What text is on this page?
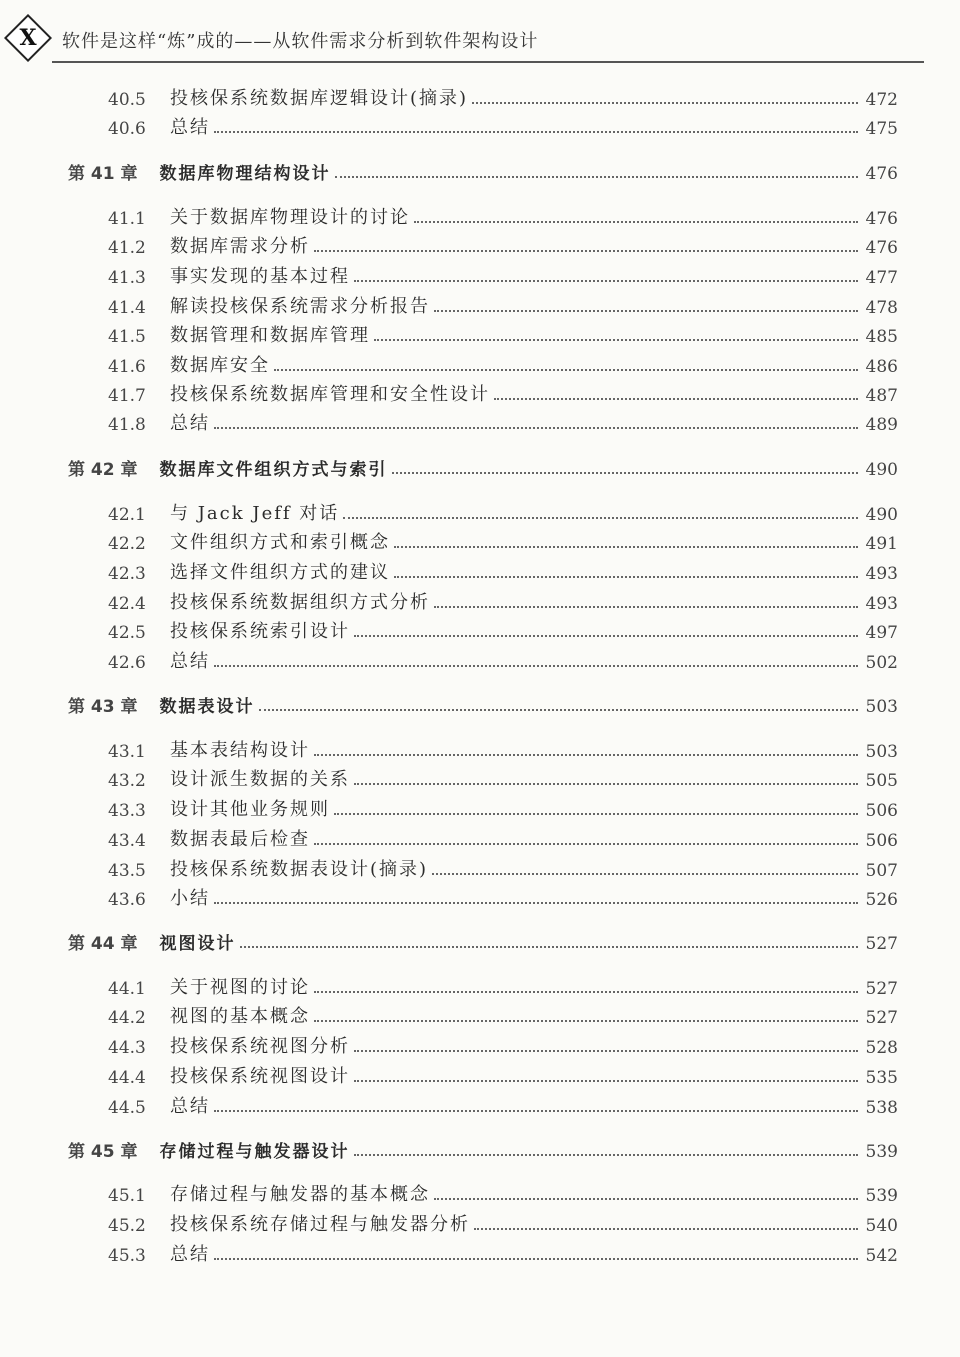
X 软件是这样“炼”成的——从软件需求分析到软件架构设计
40.5	投核保系统数据库逻辑设计(摘录)	472
40.6	总结	475
第 41 章 数据库物理结构设计	476
41.1	关于数据库物理设计的讨论	476
41.2	数据库需求分析	476
41.3	事实发现的基本过程	477
41.4	解读投核保系统需求分析报告	478
41.5	数据管理和数据库管理	485
41.6	数据库安全	486
41.7	投核保系统数据库管理和安全性设计	487
41.8	总结	489
第 42 章 数据库文件组织方式与索引	490
42.1	与 Jack Jeff 对话	490
42.2	文件组织方式和索引概念	491
42.3	选择文件组织方式的建议	493
42.4	投核保系统数据组织方式分析	493
42.5	投核保系统索引设计	497
42.6	总结	502
第 43 章 数据表设计	503
43.1	基本表结构设计	503
43.2	设计派生数据的关系	505
43.3	设计其他业务规则	506
43.4	数据表最后检查	506
43.5	投核保系统数据表设计(摘录)	507
43.6	小结	526
第 44 章 视图设计	527
44.1	关于视图的讨论	527
44.2	视图的基本概念	527
44.3	投核保系统视图分析	528
44.4	投核保系统视图设计	535
44.5	总结	538
第 45 章 存储过程与触发器设计	539
45.1	存储过程与触发器的基本概念	539
45.2	投核保系统存储过程与触发器分析	540
45.3	总结	542
